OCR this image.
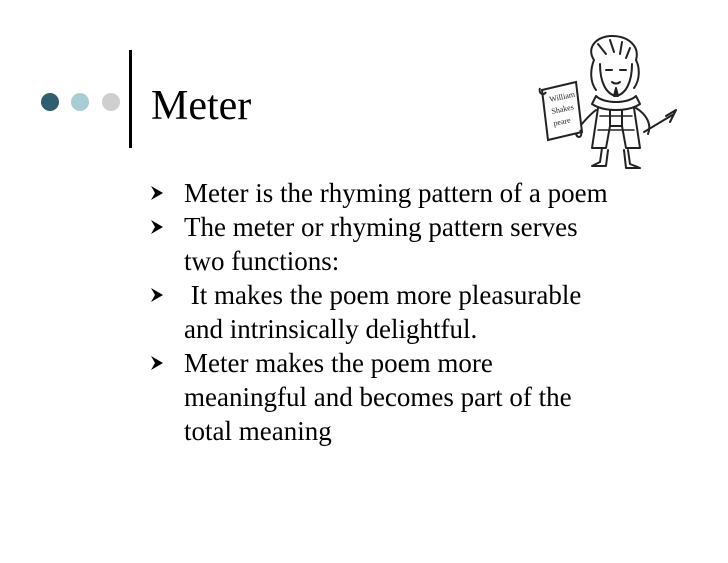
Meter
Meter is the rhyming pattern of a poem
The meter or rhyming pattern serves
two functions:
It makes the poem more pleasurable
and intrinsically delightful.
Meter makes the poem more
meaningful and becomes part of the
total meaning
William
Shakes
peare
